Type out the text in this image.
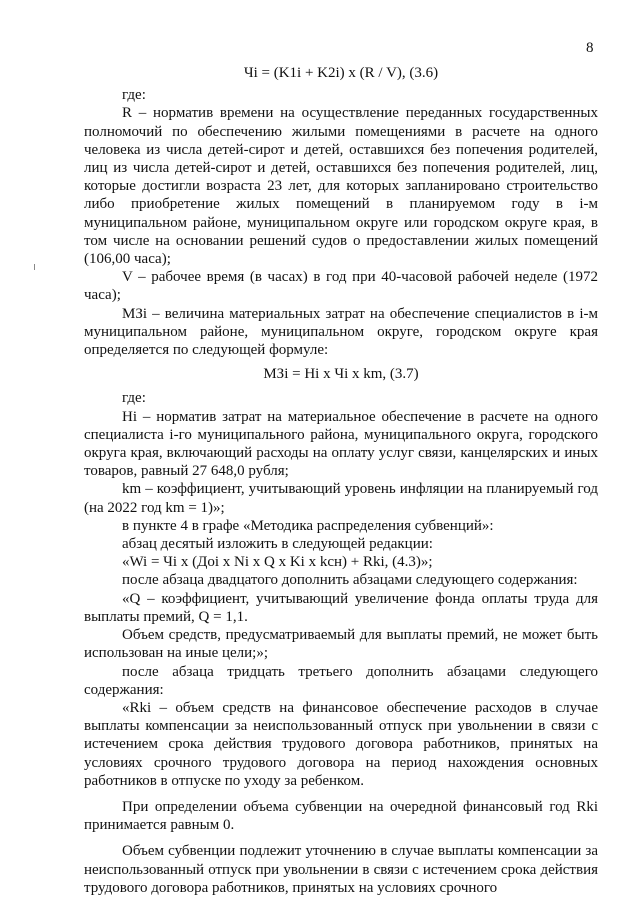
8

Чi = (K1i + K2i) x (R / V), (3.6)

где:

R – норматив времени на осуществление переданных государственных полномочий по обеспечению жилыми помещениями в расчете на одного человека из числа детей-сирот и детей, оставшихся без попечения родителей, лиц из числа детей-сирот и детей, оставшихся без попечения родителей, лиц, которые достигли возраста 23 лет, для которых запланировано строительство либо приобретение жилых помещений в планируемом году в i-м муниципальном районе, муниципальном округе или городском округе края, в том числе на основании решений судов о предоставлении жилых помещений (106,00 часа);

V – рабочее время (в часах) в год при 40-часовой рабочей неделе (1972 часа);

МЗi – величина материальных затрат на обеспечение специалистов в i-м муниципальном районе, муниципальном округе, городском округе края определяется по следующей формуле:

МЗi = Нi x Чi x km, (3.7)

где:

Нi – норматив затрат на материальное обеспечение в расчете на одного специалиста i-го муниципального района, муниципального округа, городского округа края, включающий расходы на оплату услуг связи, канцелярских и иных товаров, равный 27 648,0 рубля;

km – коэффициент, учитывающий уровень инфляции на планируемый год (на 2022 год km = 1)»;

в пункте 4 в графе «Методика распределения субвенций»:

абзац десятый изложить в следующей редакции:

«Wi = Чi x (Доi x Ni x Q x Ki x kсн) + Rki, (4.3)»;

после абзаца двадцатого дополнить абзацами следующего содержания:

«Q – коэффициент, учитывающий увеличение фонда оплаты труда для выплаты премий, Q = 1,1.

Объем средств, предусматриваемый для выплаты премий, не может быть использован на иные цели;»;

после абзаца тридцать третьего дополнить абзацами следующего содержания:

«Rki – объем средств на финансовое обеспечение расходов в случае выплаты компенсации за неиспользованный отпуск при увольнении в связи с истечением срока действия трудового договора работников, принятых на условиях срочного трудового договора на период нахождения основных работников в отпуске по уходу за ребенком.

При определении объема субвенции на очередной финансовый год Rki принимается равным 0.

Объем субвенции подлежит уточнению в случае выплаты компенсации за неиспользованный отпуск при увольнении в связи с истечением срока действия трудового договора работников, принятых на условиях срочного
